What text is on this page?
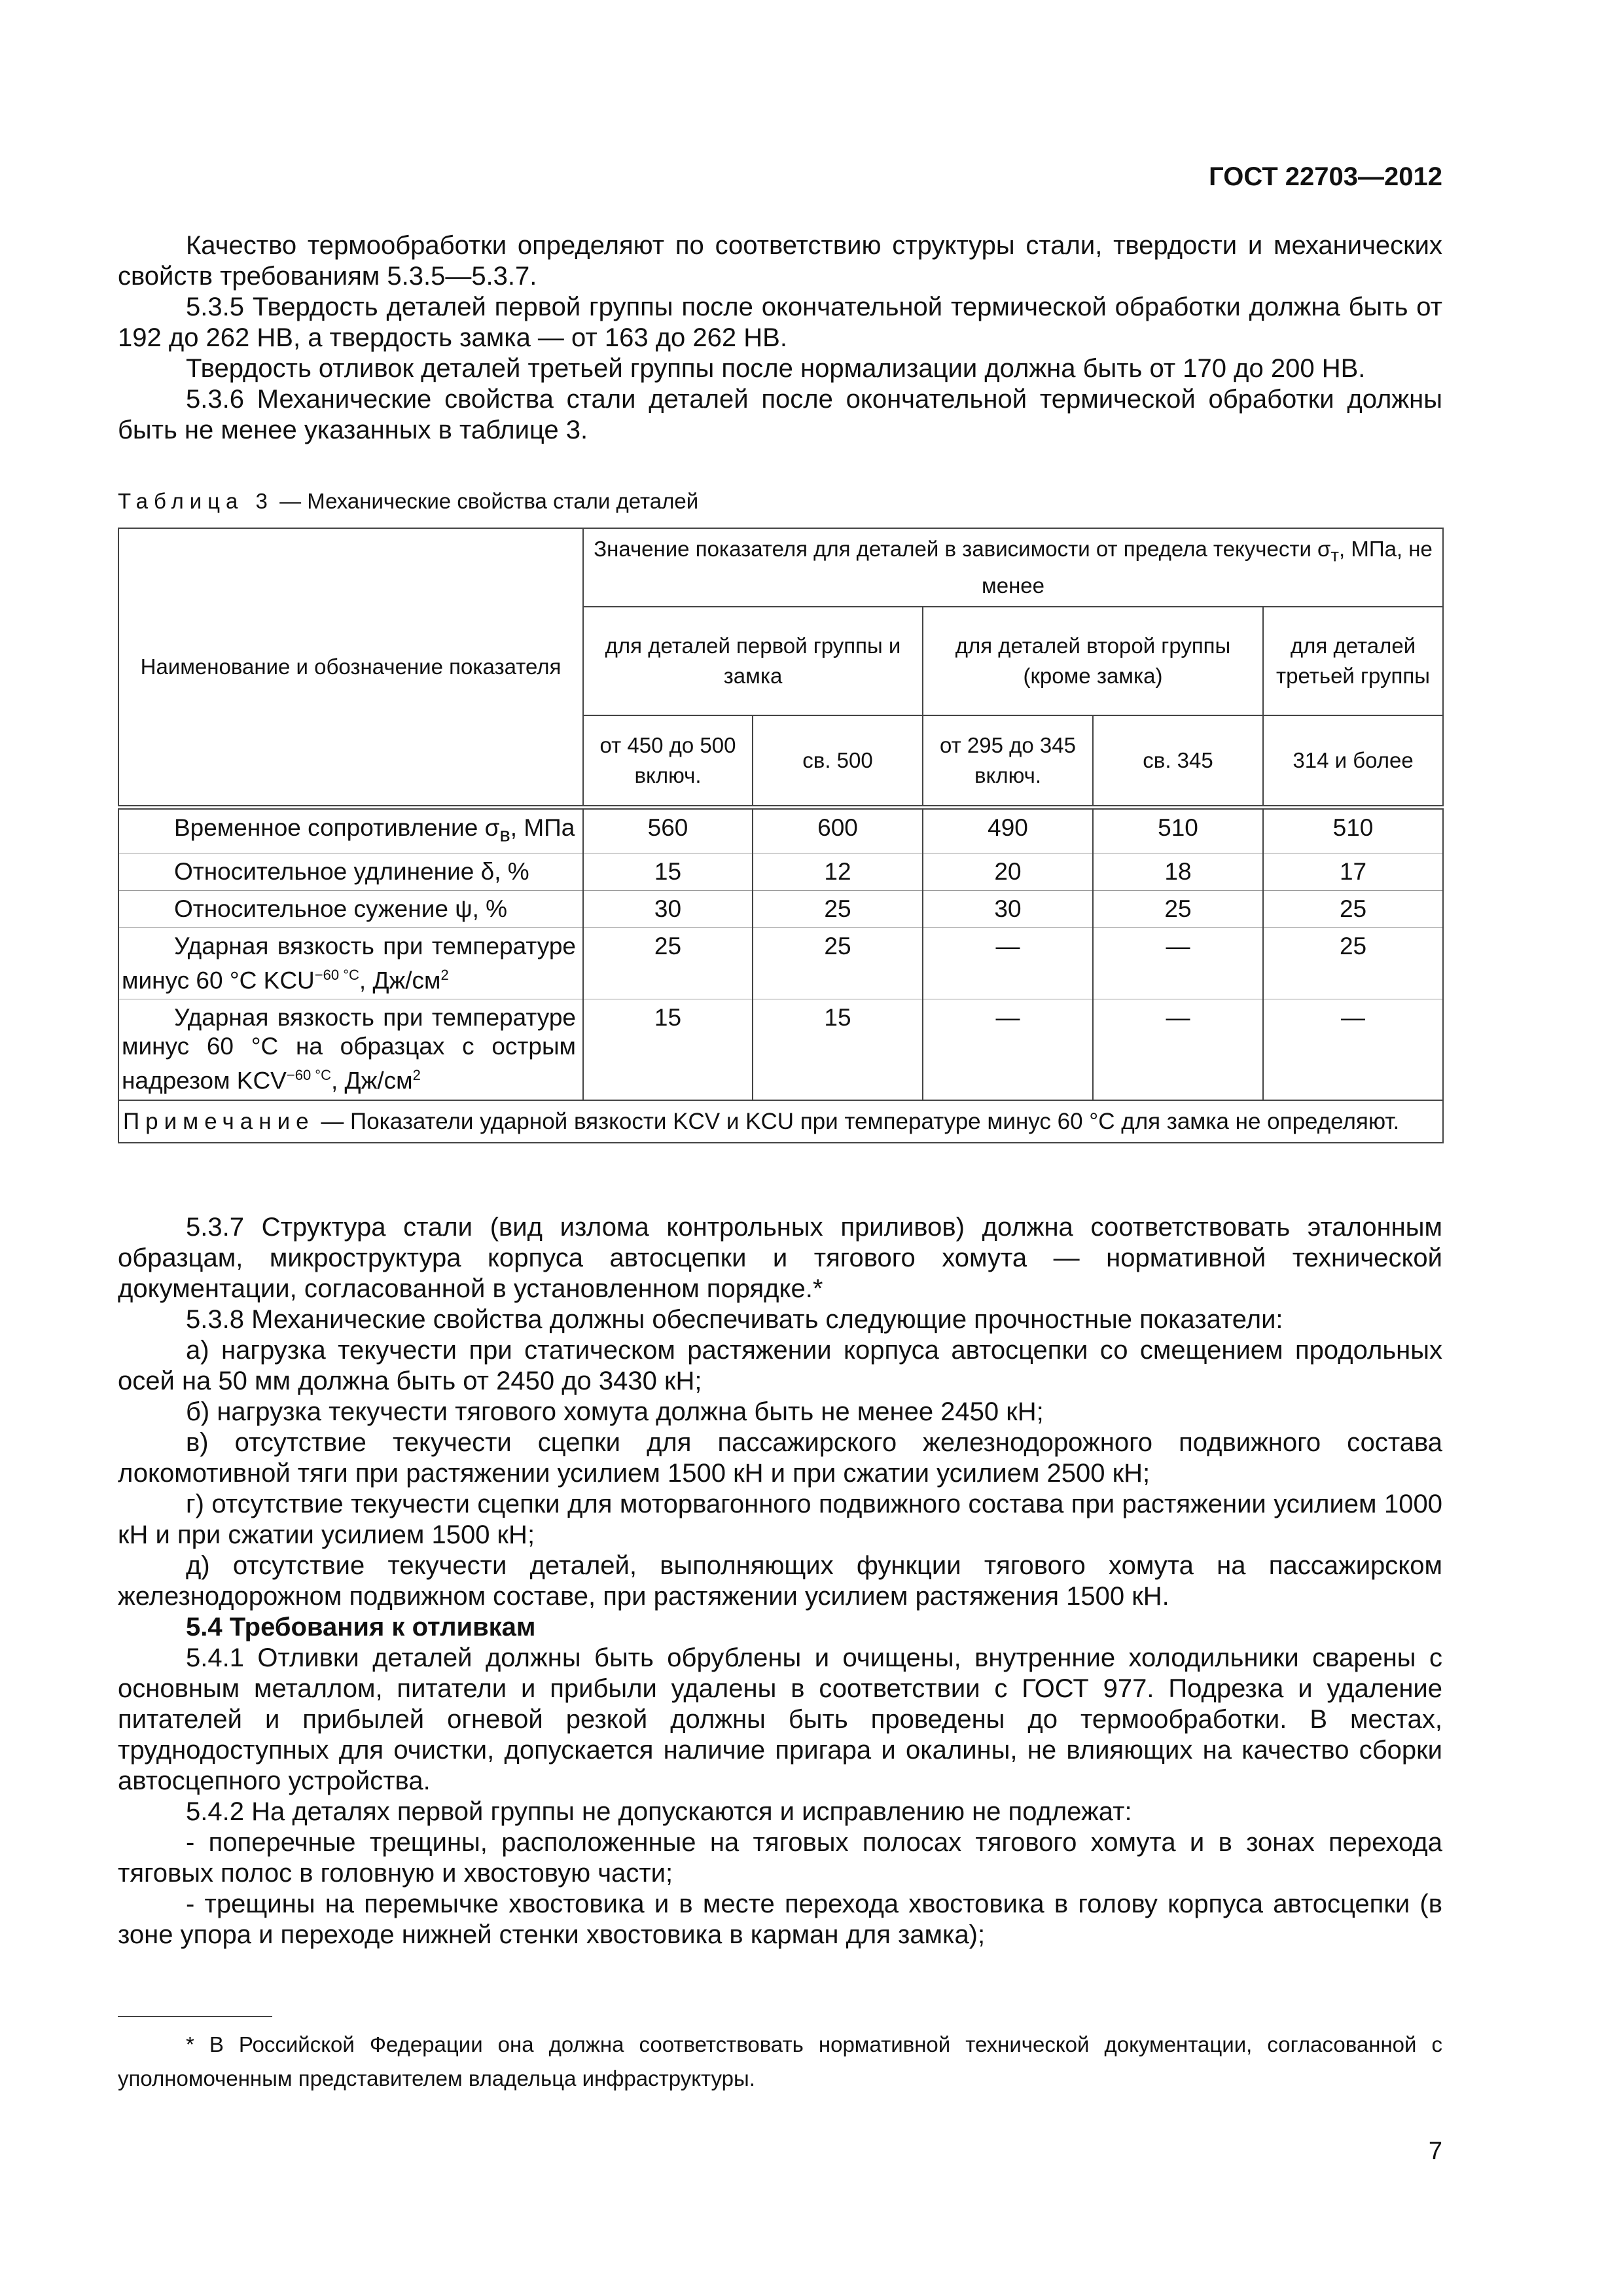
ГОСТ 22703—2012

Качество термообработки определяют по соответствию структуры стали, твердости и механических свойств требованиям 5.3.5—5.3.7.

5.3.5 Твердость деталей первой группы после окончательной термической обработки должна быть от 192 до 262 НВ, а твердость замка — от 163 до 262 НВ.

Твердость отливок деталей третьей группы после нормализации должна быть от 170 до 200 НВ.

5.3.6 Механические свойства стали деталей после окончательной термической обработки должны быть не менее указанных в таблице 3.

Таблица 3 — Механические свойства стали деталей
Наименование и обозначение показателя	Значение показателя для деталей в зависимости от предела текучести $\sigma_т$, МПа, не менее				
	для деталей первой группы и замка		для деталей второй группы (кроме замка)		для деталей третьей группы
	от 450 до 500 включ.	св. 500	от 295 до 345 включ.	св. 345	314 и более
Временное сопротивление $\sigma_в$, МПа	560	600	490	510	510
Относительное удлинение δ, %	15	12	20	18	17
Относительное сужение ψ, %	30	25	30	25	25
Ударная вязкость при температуре минус 60 °С $KCU^{-60 ^\circ С}$, $Дж/см^2$	25	25	—	—	25
Ударная вязкость при температуре минус 60 °С на образцах с острым надрезом $KCV^{-60 ^\circ С}$, $Дж/см^2$	15	15	—	—	—
Примечание — Показатели ударной вязкости KCV и KCU при температуре минус 60 °С для замка не определяют.					

5.3.7 Структура стали (вид излома контрольных приливов) должна соответствовать эталонным образцам, микроструктура корпуса автосцепки и тягового хомута — нормативной технической документации, согласованной в установленном порядке.*

5.3.8 Механические свойства должны обеспечивать следующие прочностные показатели:

а) нагрузка текучести при статическом растяжении корпуса автосцепки со смещением продольных осей на 50 мм должна быть от 2450 до 3430 кН;

б) нагрузка текучести тягового хомута должна быть не менее 2450 кН;

в) отсутствие текучести сцепки для пассажирского железнодорожного подвижного состава локомотивной тяги при растяжении усилием 1500 кН и при сжатии усилием 2500 кН;

г) отсутствие текучести сцепки для моторвагонного подвижного состава при растяжении усилием 1000 кН и при сжатии усилием 1500 кН;

д) отсутствие текучести деталей, выполняющих функции тягового хомута на пассажирском железнодорожном подвижном составе, при растяжении усилием растяжения 1500 кН.

5.4 Требования к отливкам

5.4.1 Отливки деталей должны быть обрублены и очищены, внутренние холодильники сварены с основным металлом, питатели и прибыли удалены в соответствии с ГОСТ 977. Подрезка и удаление питателей и прибылей огневой резкой должны быть проведены до термообработки. В местах, труднодоступных для очистки, допускается наличие пригара и окалины, не влияющих на качество сборки автосцепного устройства.

5.4.2 На деталях первой группы не допускаются и исправлению не подлежат:

- поперечные трещины, расположенные на тяговых полосах тягового хомута и в зонах перехода тяговых полос в головную и хвостовую части;

- трещины на перемычке хвостовика и в месте перехода хвостовика в голову корпуса автосцепки (в зоне упора и переходе нижней стенки хвостовика в карман для замка);

* В Российской Федерации она должна соответствовать нормативной технической документации, согласованной с уполномоченным представителем владельца инфраструктуры.
7
